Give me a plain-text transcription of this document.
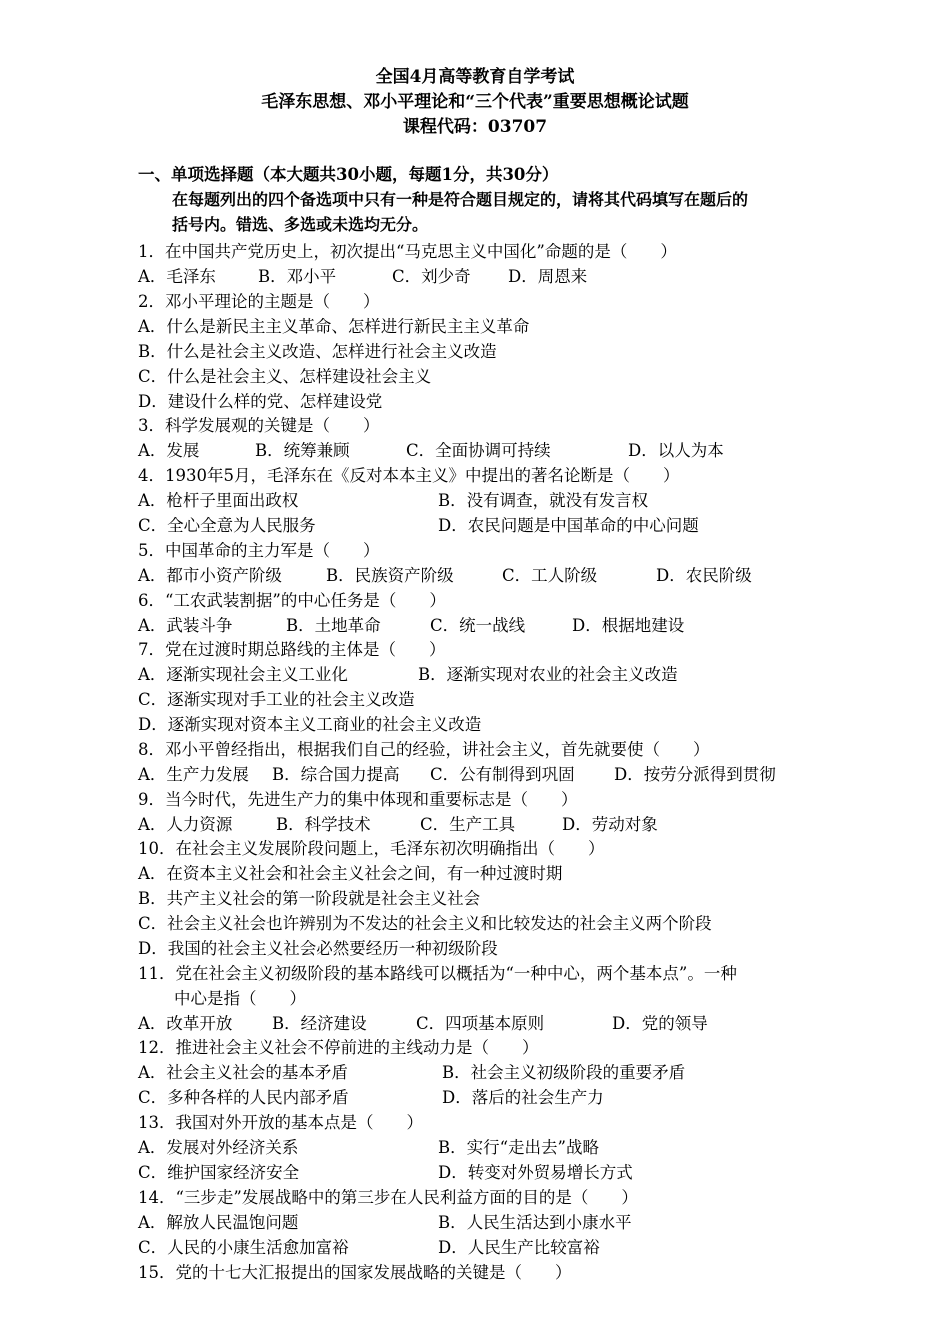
全国4月高等教育自学考试
毛泽东思想、邓小平理论和“三个代表”重要思想概论试题
课程代码：03707
一、单项选择题（本大题共30小题，每题1分，共30分）
在每题列出的四个备选项中只有一种是符合题目规定的，请将其代码填写在题后的
括号内。错选、多选或未选均无分。
1．在中国共产党历史上，初次提出“马克思主义中国化”命题的是（　　）
A．毛泽东	B．邓小平	C．刘少奇 D．周恩来
2．邓小平理论的主题是（　　）
A．什么是新民主主义革命、怎样进行新民主主义革命
B．什么是社会主义改造、怎样进行社会主义改造
C．什么是社会主义、怎样建设社会主义
D．建设什么样的党、怎样建设党
3．科学发展观的关键是（　　）
A．发展	B．统筹兼顾	C．全面协调可持续	D．以人为本
4．1930年5月，毛泽东在《反对本本主义》中提出的著名论断是（　　）
A．枪杆子里面出政权	B．没有调查，就没有发言权
C．全心全意为人民服务	D．农民问题是中国革命的中心问题
5．中国革命的主力军是（　　）
A．都市小资产阶级	B．民族资产阶级	C．工人阶级	D．农民阶级
6．“工农武装割据”的中心任务是（　　）
A．武装斗争	B．土地革命	C．统一战线	D．根据地建设
7．党在过渡时期总路线的主体是（　　）
A．逐渐实现社会主义工业化	B．逐渐实现对农业的社会主义改造
C．逐渐实现对手工业的社会主义改造
D．逐渐实现对资本主义工商业的社会主义改造
8．邓小平曾经指出，根据我们自己的经验，讲社会主义，首先就要使（　　）
A．生产力发展 B．综合国力提高 C．公有制得到巩固 D．按劳分派得到贯彻
9．当今时代，先进生产力的集中体现和重要标志是（　　）
A．人力资源	B．科学技术	C．生产工具	D．劳动对象
10．在社会主义发展阶段问题上，毛泽东初次明确指出（　　）
A．在资本主义社会和社会主义社会之间，有一种过渡时期
B．共产主义社会的第一阶段就是社会主义社会
C．社会主义社会也许辨别为不发达的社会主义和比较发达的社会主义两个阶段
D．我国的社会主义社会必然要经历一种初级阶段
11．党在社会主义初级阶段的基本路线可以概括为“一种中心，两个基本点”。一种
中心是指（　　）
A．改革开放 B．经济建设	C．四项基本原则	D．党的领导
12．推进社会主义社会不停前进的主线动力是（　　）
A．社会主义社会的基本矛盾	B．社会主义初级阶段的重要矛盾
C．多种各样的人民内部矛盾	D．落后的社会生产力
13．我国对外开放的基本点是（　　）
A．发展对外经济关系	B．实行“走出去”战略
C．维护国家经济安全	D．转变对外贸易增长方式
14．“三步走”发展战略中的第三步在人民利益方面的目的是（　　）
A．解放人民温饱问题	B．人民生活达到小康水平
C．人民的小康生活愈加富裕	D．人民生产比较富裕
15．党的十七大汇报提出的国家发展战略的关键是（　　）
